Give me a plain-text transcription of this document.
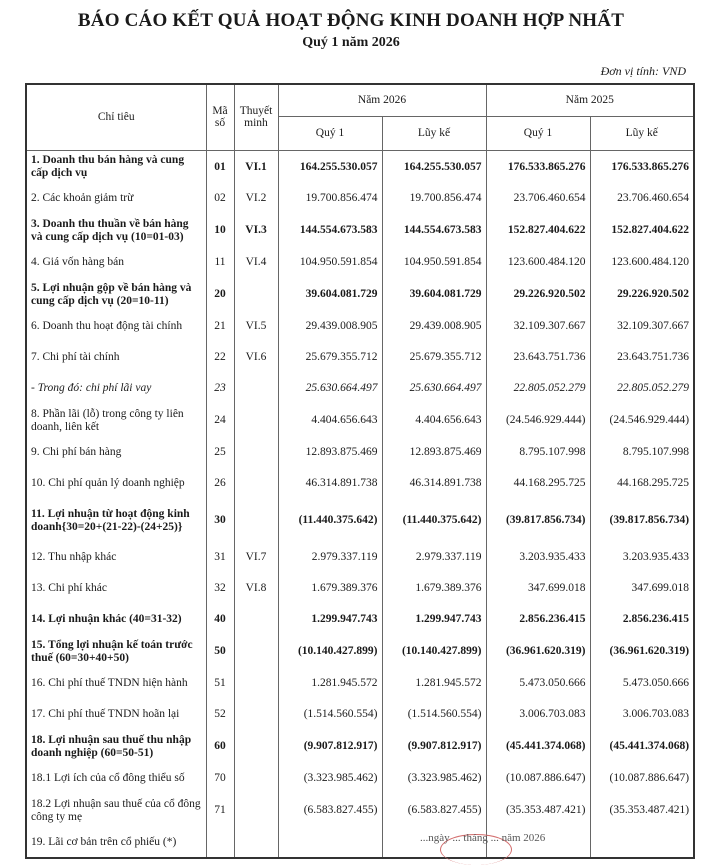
BÁO CÁO KẾT QUẢ HOẠT ĐỘNG KINH DOANH HỢP NHẤT
Quý 1 năm 2026
Đơn vị tính: VND
Chỉ tiêu	Mã số	Thuyết minh	Năm 2026		Năm 2025	
			Quý 1	Lũy kế	Quý 1	Lũy kế
1. Doanh thu bán hàng và cung cấp dịch vụ	01	VI.1	164.255.530.057	164.255.530.057	176.533.865.276	176.533.865.276
2. Các khoản giảm trừ	02	VI.2	19.700.856.474	19.700.856.474	23.706.460.654	23.706.460.654
3. Doanh thu thuần về bán hàng và cung cấp dịch vụ (10=01-03)	10	VI.3	144.554.673.583	144.554.673.583	152.827.404.622	152.827.404.622
4. Giá vốn hàng bán	11	VI.4	104.950.591.854	104.950.591.854	123.600.484.120	123.600.484.120
5. Lợi nhuận gộp về bán hàng và cung cấp dịch vụ (20=10-11)	20		39.604.081.729	39.604.081.729	29.226.920.502	29.226.920.502
6. Doanh thu hoạt động tài chính	21	VI.5	29.439.008.905	29.439.008.905	32.109.307.667	32.109.307.667
7. Chi phí tài chính	22	VI.6	25.679.355.712	25.679.355.712	23.643.751.736	23.643.751.736
- Trong đó: chi phí lãi vay	23		25.630.664.497	25.630.664.497	22.805.052.279	22.805.052.279
8. Phần lãi (lỗ) trong công ty liên doanh, liên kết	24		4.404.656.643	4.404.656.643	(24.546.929.444)	(24.546.929.444)
9. Chi phí bán hàng	25		12.893.875.469	12.893.875.469	8.795.107.998	8.795.107.998
10. Chi phí quản lý doanh nghiệp	26		46.314.891.738	46.314.891.738	44.168.295.725	44.168.295.725
11. Lợi nhuận từ hoạt động kinh doanh{30=20+(21-22)-(24+25)}	30		(11.440.375.642)	(11.440.375.642)	(39.817.856.734)	(39.817.856.734)
12. Thu nhập khác	31	VI.7	2.979.337.119	2.979.337.119	3.203.935.433	3.203.935.433
13. Chi phí khác	32	VI.8	1.679.389.376	1.679.389.376	347.699.018	347.699.018
14. Lợi nhuận khác (40=31-32)	40		1.299.947.743	1.299.947.743	2.856.236.415	2.856.236.415
15. Tổng lợi nhuận kế toán trước thuế (60=30+40+50)	50		(10.140.427.899)	(10.140.427.899)	(36.961.620.319)	(36.961.620.319)
16. Chi phí thuế TNDN hiện hành	51		1.281.945.572	1.281.945.572	5.473.050.666	5.473.050.666
17. Chi phí thuế TNDN hoãn lại	52		(1.514.560.554)	(1.514.560.554)	3.006.703.083	3.006.703.083
18. Lợi nhuận sau thuế thu nhập doanh nghiệp (60=50-51)	60		(9.907.812.917)	(9.907.812.917)	(45.441.374.068)	(45.441.374.068)
18.1 Lợi ích của cổ đông thiểu số	70		(3.323.985.462)	(3.323.985.462)	(10.087.886.647)	(10.087.886.647)
18.2 Lợi nhuận sau thuế của cổ đông công ty mẹ	71		(6.583.827.455)	(6.583.827.455)	(35.353.487.421)	(35.353.487.421)
19. Lãi cơ bản trên cổ phiếu (*)							...ngày ... tháng ... năm 2026
